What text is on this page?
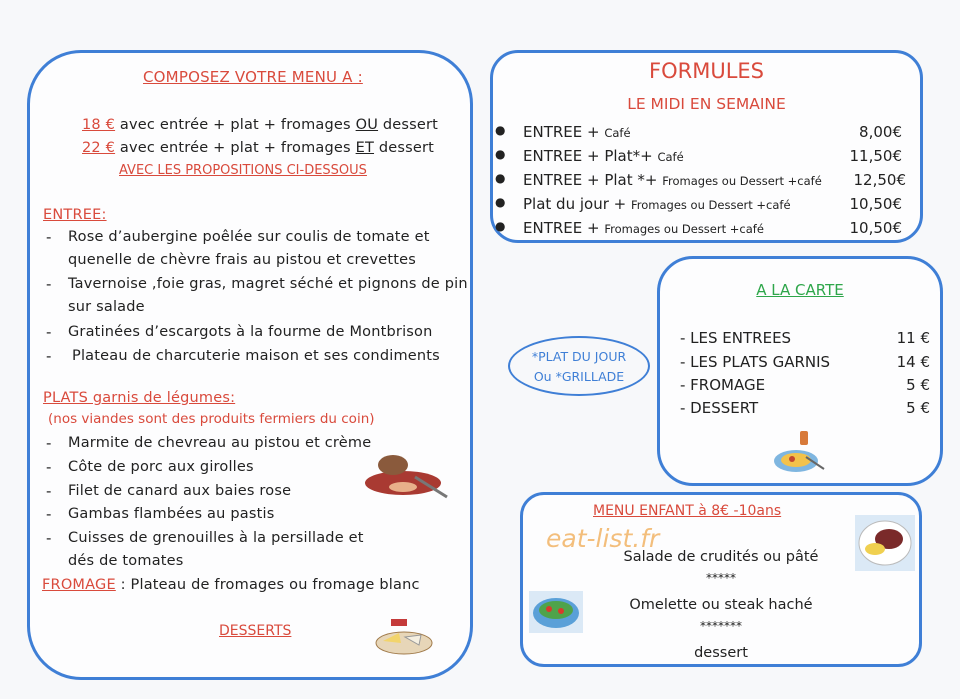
COMPOSEZ VOTRE MENU A :
18 € avec entrée + plat + fromages OU dessert
22 € avec entrée + plat + fromages ET dessert
AVEC LES PROPOSITIONS CI-DESSOUS
ENTREE:
- Rose d’aubergine poêlée sur coulis de tomate et
quenelle de chèvre frais au pistou et crevettes
- Tavernoise ,foie gras, magret séché et pignons de pin
sur salade
- Gratinées d’escargots à la fourme de Montbrison
- Plateau de charcuterie maison et ses condiments
PLATS garnis de légumes:
(nos viandes sont des produits fermiers du coin)
- Marmite de chevreau au pistou et crème
- Côte de porc aux girolles
- Filet de canard aux baies rose
- Gambas flambées au pastis
- Cuisses de grenouilles à la persillade et
dés de tomates
FROMAGE : Plateau de fromages ou fromage blanc
DESSERTS
FORMULES
LE MIDI EN SEMAINE
● ENTREE + Café	8,00€
● ENTREE + Plat*+ Café	11,50€
● ENTREE + Plat *+ Fromages ou Dessert +café 12,50€
● Plat du jour + Fromages ou Dessert +café	10,50€
● ENTREE + Fromages ou Dessert +café	10,50€
*PLAT DU JOUR
Ou *GRILLADE
A LA CARTE
- LES ENTREES	11 €
- LES PLATS GARNIS	14 €
- FROMAGE	5 €
- DESSERT	5 €
MENU ENFANT à 8€ -10ans
Salade de crudités ou pâté
*****
Omelette ou steak haché
*******
dessert
eat-list.fr
